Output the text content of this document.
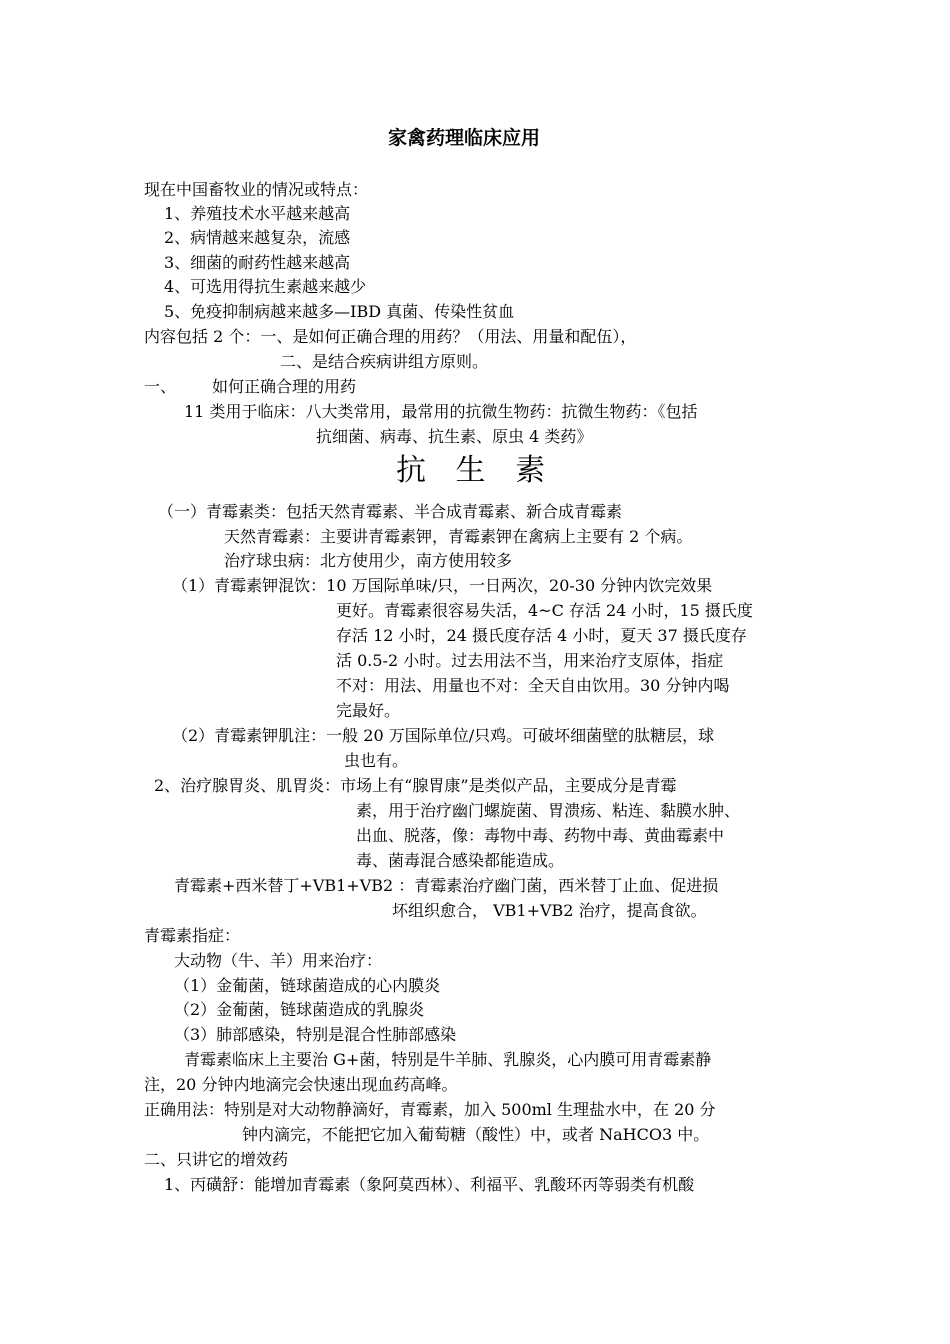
家禽药理临床应用
现在中国畜牧业的情况或特点：
1、养殖技术水平越来越高
2、病情越来越复杂，流感
3、细菌的耐药性越来越高
4、可选用得抗生素越来越少
5、免疫抑制病越来越多—IBD 真菌、传染性贫血
内容包括 2 个：一、是如何正确合理的用药？（用法、用量和配伍），
二、是结合疾病讲组方原则。
一、 如何正确合理的用药
11 类用于临床：八大类常用，最常用的抗微生物药：抗微生物药：《包括
抗细菌、病毒、抗生素、原虫 4 类药》
抗 生 素
（一）青霉素类：包括天然青霉素、半合成青霉素、新合成青霉素
天然青霉素：主要讲青霉素钾，青霉素钾在禽病上主要有 2 个病。
治疗球虫病：北方使用少，南方使用较多
（1）青霉素钾混饮：10 万国际单味/只，一日两次，20-30 分钟内饮完效果
更好。青霉素很容易失活，4~C 存活 24 小时，15 摄氏度
存活 12 小时，24 摄氏度存活 4 小时，夏天 37 摄氏度存
活 0.5-2 小时。过去用法不当，用来治疗支原体，指症
不对：用法、用量也不对：全天自由饮用。30 分钟内喝
完最好。
（2）青霉素钾肌注：一般 20 万国际单位/只鸡。可破坏细菌壁的肽糖层，球
虫也有。
2、治疗腺胃炎、肌胃炎：市场上有“腺胃康”是类似产品，主要成分是青霉
素，用于治疗幽门螺旋菌、胃溃疡、粘连、黏膜水肿、
出血、脱落，像：毒物中毒、药物中毒、黄曲霉素中
毒、菌毒混合感染都能造成。
青霉素+西米替丁+VB1+VB2 ：青霉素治疗幽门菌，西米替丁止血、促进损
坏组织愈合， VB1+VB2 治疗，提高食欲。
青霉素指症：
大动物（牛、羊）用来治疗：
（1）金葡菌，链球菌造成的心内膜炎
（2）金葡菌，链球菌造成的乳腺炎
（3）肺部感染，特别是混合性肺部感染
青霉素临床上主要治 G+菌，特别是牛羊肺、乳腺炎，心内膜可用青霉素静
注，20 分钟内地滴完会快速出现血药高峰。
正确用法：特别是对大动物静滴好，青霉素，加入 500ml 生理盐水中，在 20 分
钟内滴完，不能把它加入葡萄糖（酸性）中，或者 NaHCO3 中。
二、只讲它的增效药
1、丙磺舒：能增加青霉素（象阿莫西林）、利福平、乳酸环丙等弱类有机酸
